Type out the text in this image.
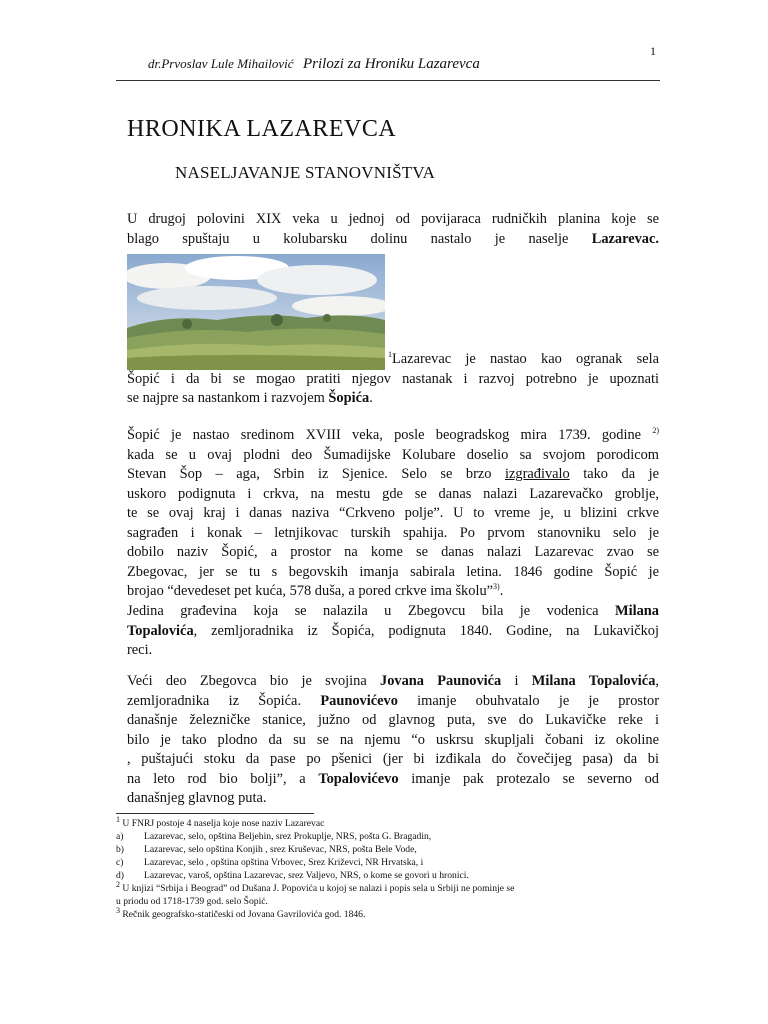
1
dr.Prvoslav Lule Mihailović Prilozi za Hroniku Lazarevca
HRONIKA LAZAREVCA
NASELJAVANJE STANOVNIŠTVA
U drugoj polovini XIX veka u jednoj od povijaraca rudničkih planina koje se
blago spuštaju u kolubarsku dolinu nastalo je naselje Lazarevac.
$^1$Lazarevac je nastao kao ogranak sela
Šopić i da bi se mogao pratiti njegov nastanak i razvoj potrebno je upoznati
se najpre sa nastankom i razvojem Šopića.
Šopić je nastao sredinom XVIII veka, posle beogradskog mira 1739. godine $^{2)}$
kada se u ovaj plodni deo Šumadijske Kolubare doselio sa svojom porodicom
Stevan Šop – aga, Srbin iz Sjenice. Selo se brzo izgrađivalo tako da je
uskoro podignuta i crkva, na mestu gde se danas nalazi Lazarevačko groblje,
te se ovaj kraj i danas naziva “Crkveno polje”. U to vreme je, u blizini crkve
sagrađen i konak – letnjikovac turskih spahija. Po prvom stanovniku selo je
dobilo naziv Šopić, a prostor na kome se danas nalazi Lazarevac zvao se
Zbegovac, jer se tu s begovskih imanja sabirala letina. 1846 godine Šopić je
brojao “devedeset pet kuća, 578 duša, a pored crkve ima školu”$^{3)}$.
Jedina građevina koja se nalazila u Zbegovcu bila je vodenica Milana
Topalovića, zemljoradnika iz Šopića, podignuta 1840. Godine, na Lukavičkoj
reci.
Veći deo Zbegovca bio je svojina Jovana Paunovića i Milana Topalovića,
zemljoradnika iz Šopića. Paunovićevo imanje obuhvatalo je je prostor
današnje železničke stanice, južno od glavnog puta, sve do Lukavičke reke i
bilo je tako plodno da su se na njemu “o uskrsu skupljali čobani iz okoline
, puštajući stoku da pase po pšenici (jer bi izđikala do čovečijeg pasa) da bi
na leto rod bio bolji”, a Topalovićevo imanje pak protezalo se severno od
današnjeg glavnog puta.
$^1$ U FNRJ postoje 4 naselja koje nose naziv Lazarevac
a) Lazarevac, selo, opština Beljehin, srez Prokuplje, NRS, pošta G. Bragadin,
b) Lazarevac, selo opština Konjih , srez Kruševac, NRS, pošta Bele Vode,
c) Lazarevac, selo , opština opština Vrbovec, Srez Križevci, NR Hrvatska, i
d) Lazarevac, varoš, opština Lazarevac, srez Valjevo, NRS, o kome se govori u hronici.
$^2$ U knjizi “Srbija i Beograd” od Dušana J. Popovića u kojoj se nalazi i popis sela u Srbiji ne pominje se
u priodu od 1718-1739 god. selo Šopić.
$^3$ Rečnik geografsko-statičeski od Jovana Gavrilovića god. 1846.
